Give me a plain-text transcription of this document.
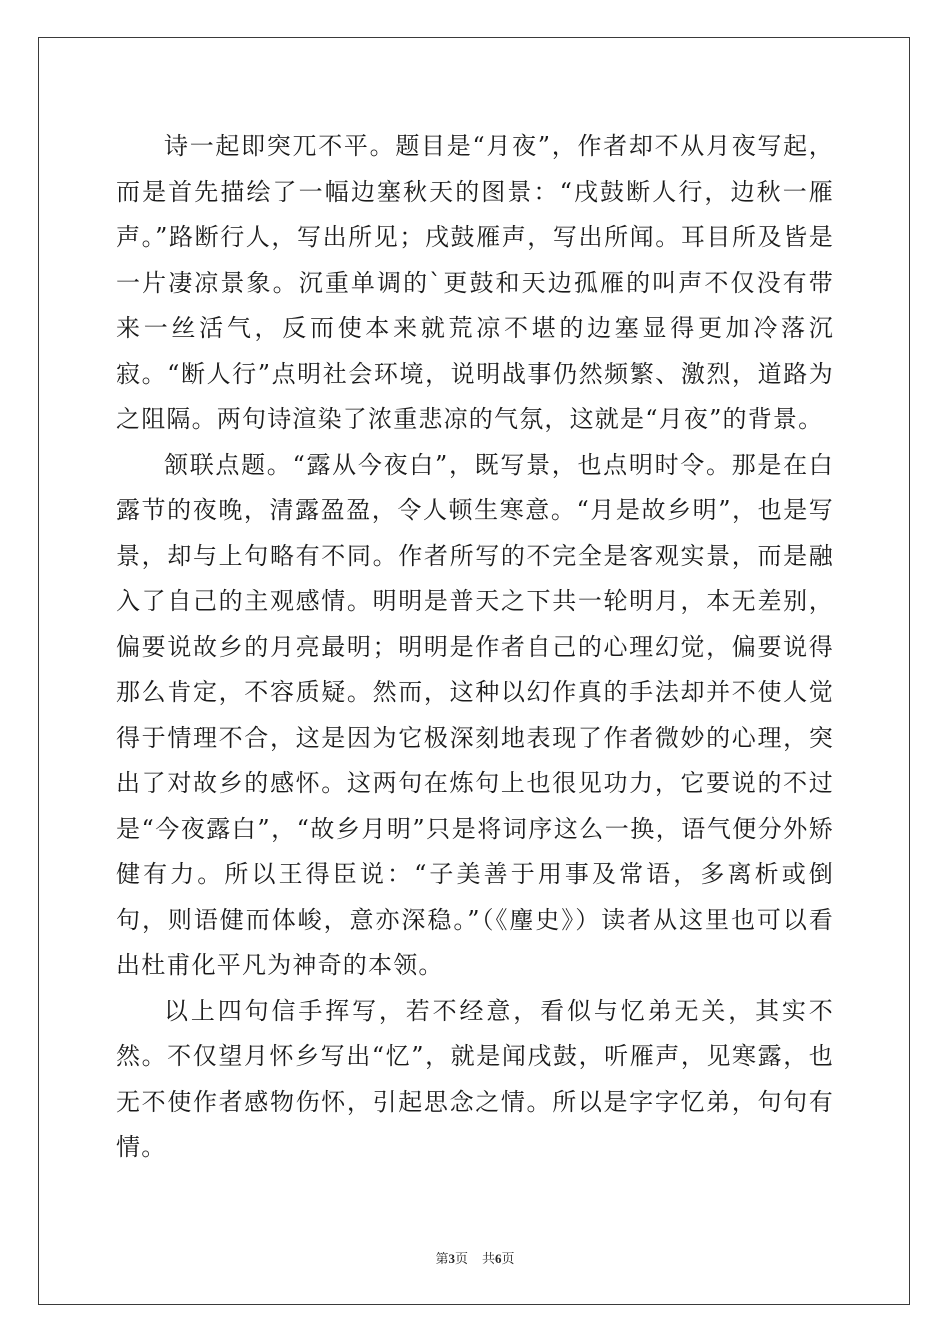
诗一起即突兀不平。题目是“月夜”，作者却不从月夜写起，而是首先描绘了一幅边塞秋天的图景：“戌鼓断人行，边秋一雁声。”路断行人，写出所见；戌鼓雁声，写出所闻。耳目所及皆是一片凄凉景象。沉重单调的`更鼓和天边孤雁的叫声不仅没有带来一丝活气，反而使本来就荒凉不堪的边塞显得更加冷落沉寂。“断人行”点明社会环境，说明战事仍然频繁、激烈，道路为之阻隔。两句诗渲染了浓重悲凉的气氛，这就是“月夜”的背景。

颔联点题。“露从今夜白”，既写景，也点明时令。那是在白露节的夜晚，清露盈盈，令人顿生寒意。“月是故乡明”，也是写景，却与上句略有不同。作者所写的不完全是客观实景，而是融入了自己的主观感情。明明是普天之下共一轮明月，本无差别，偏要说故乡的月亮最明；明明是作者自己的心理幻觉，偏要说得那么肯定，不容质疑。然而，这种以幻作真的手法却并不使人觉得于情理不合，这是因为它极深刻地表现了作者微妙的心理，突出了对故乡的感怀。这两句在炼句上也很见功力，它要说的不过是“今夜露白”，“故乡月明”只是将词序这么一换，语气便分外矫健有力。所以王得臣说：“子美善于用事及常语，多离析或倒句，则语健而体峻，意亦深稳。”（《麈史》）读者从这里也可以看出杜甫化平凡为神奇的本领。

以上四句信手挥写，若不经意，看似与忆弟无关，其实不然。不仅望月怀乡写出“忆”，就是闻戌鼓，听雁声，见寒露，也无不使作者感物伤怀，引起思念之情。所以是字字忆弟，句句有情。

第3页 共6页
